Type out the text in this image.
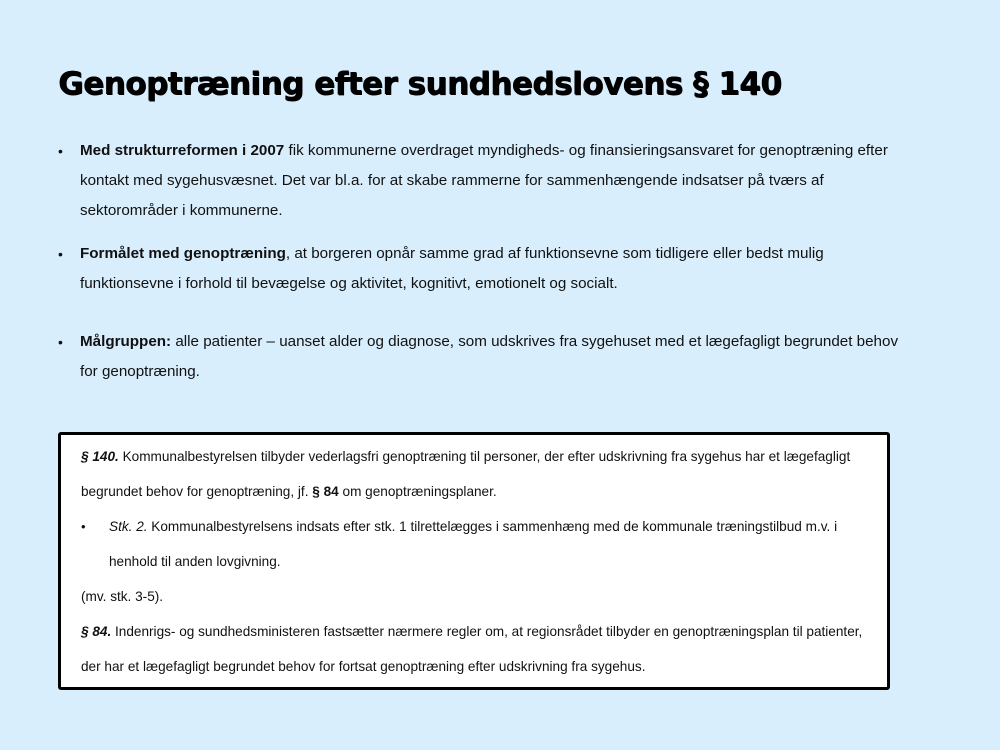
Genoptræning efter sundhedslovens § 140
• Med strukturreformen i 2007 fik kommunerne overdraget myndigheds- og finansieringsansvaret for genoptræning efter kontakt med sygehusvæsnet. Det var bl.a. for at skabe rammerne for sammenhængende indsatser på tværs af sektorområder i kommunerne.
• Formålet med genoptræning, at borgeren opnår samme grad af funktionsevne som tidligere eller bedst mulig funktionsevne i forhold til bevægelse og aktivitet, kognitivt, emotionelt og socialt.
• Målgruppen: alle patienter – uanset alder og diagnose, som udskrives fra sygehuset med et lægefagligt begrundet behov for genoptræning.

§ 140. Kommunalbestyrelsen tilbyder vederlagsfri genoptræning til personer, der efter udskrivning fra sygehus har et lægefagligt begrundet behov for genoptræning, jf. § 84 om genoptræningsplaner.

• Stk. 2. Kommunalbestyrelsens indsats efter stk. 1 tilrettelægges i sammenhæng med de kommunale træningstilbud m.v. i henhold til anden lovgivning.

(mv. stk. 3-5).

§ 84. Indenrigs- og sundhedsministeren fastsætter nærmere regler om, at regionsrådet tilbyder en genoptræningsplan til patienter, der har et lægefagligt begrundet behov for fortsat genoptræning efter udskrivning fra sygehus.
